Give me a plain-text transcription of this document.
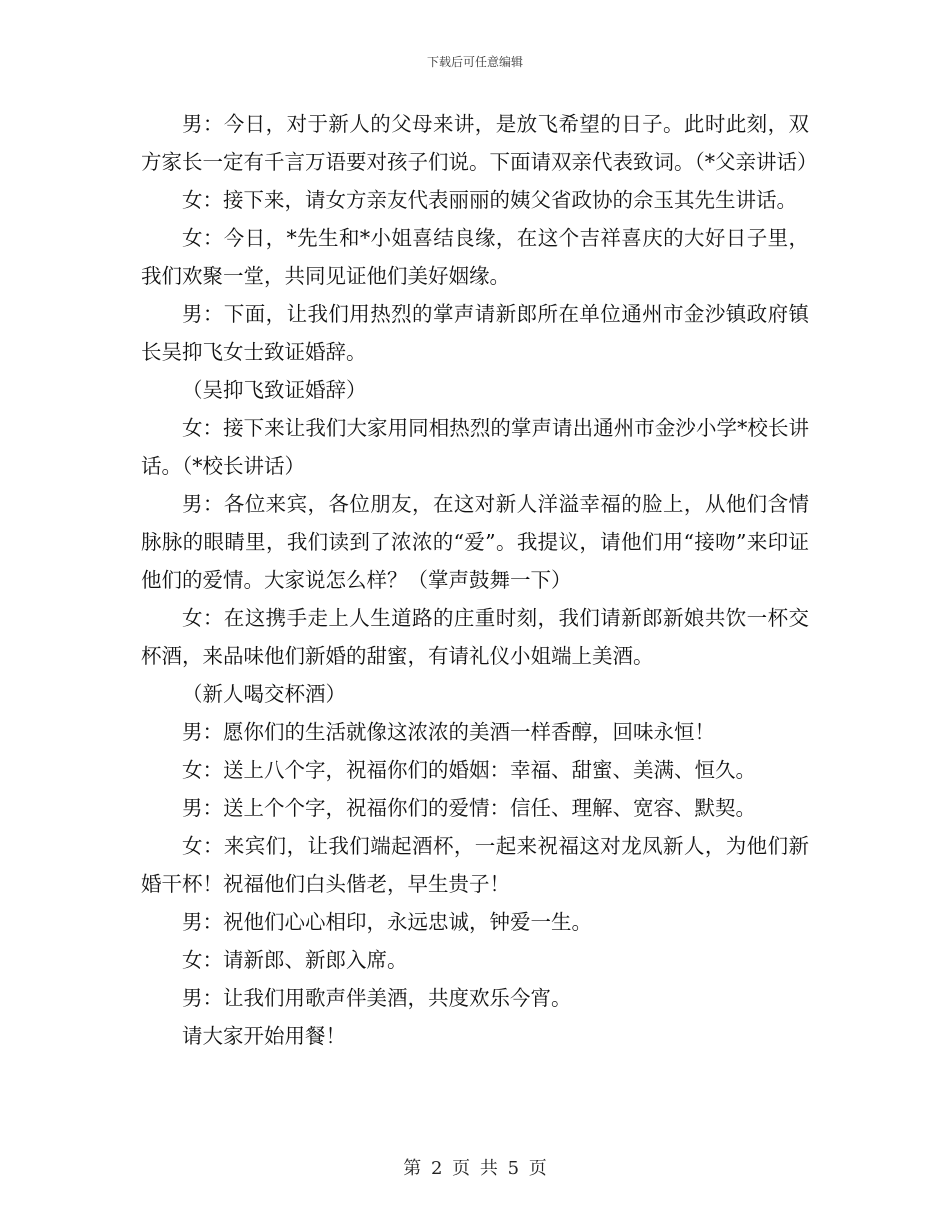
下载后可任意编辑

男：今日，对于新人的父母来讲，是放飞希望的日子。此时此刻，双方家长一定有千言万语要对孩子们说。下面请双亲代表致词。（*父亲讲话）

女：接下来，请女方亲友代表丽丽的姨父省政协的佘玉其先生讲话。

女：今日，*先生和*小姐喜结良缘，在这个吉祥喜庆的大好日子里，我们欢聚一堂，共同见证他们美好姻缘。

男：下面，让我们用热烈的掌声请新郎所在单位通州市金沙镇政府镇长吴抑飞女士致证婚辞。

（吴抑飞致证婚辞）

女：接下来让我们大家用同相热烈的掌声请出通州市金沙小学*校长讲话。（*校长讲话）

男：各位来宾，各位朋友，在这对新人洋溢幸福的脸上，从他们含情脉脉的眼睛里，我们读到了浓浓的“爱”。我提议，请他们用“接吻”来印证他们的爱情。大家说怎么样？（掌声鼓舞一下）

女：在这携手走上人生道路的庄重时刻，我们请新郎新娘共饮一杯交杯酒，来品味他们新婚的甜蜜，有请礼仪小姐端上美酒。

（新人喝交杯酒）

男：愿你们的生活就像这浓浓的美酒一样香醇，回味永恒！

女：送上八个字，祝福你们的婚姻：幸福、甜蜜、美满、恒久。

男：送上个个字，祝福你们的爱情：信任、理解、宽容、默契。

女：来宾们，让我们端起酒杯，一起来祝福这对龙凤新人，为他们新婚干杯！祝福他们白头偕老，早生贵子！

男：祝他们心心相印，永远忠诚，钟爱一生。

女：请新郎、新郎入席。

男：让我们用歌声伴美酒，共度欢乐今宵。

请大家开始用餐！

第 2 页 共 5 页
